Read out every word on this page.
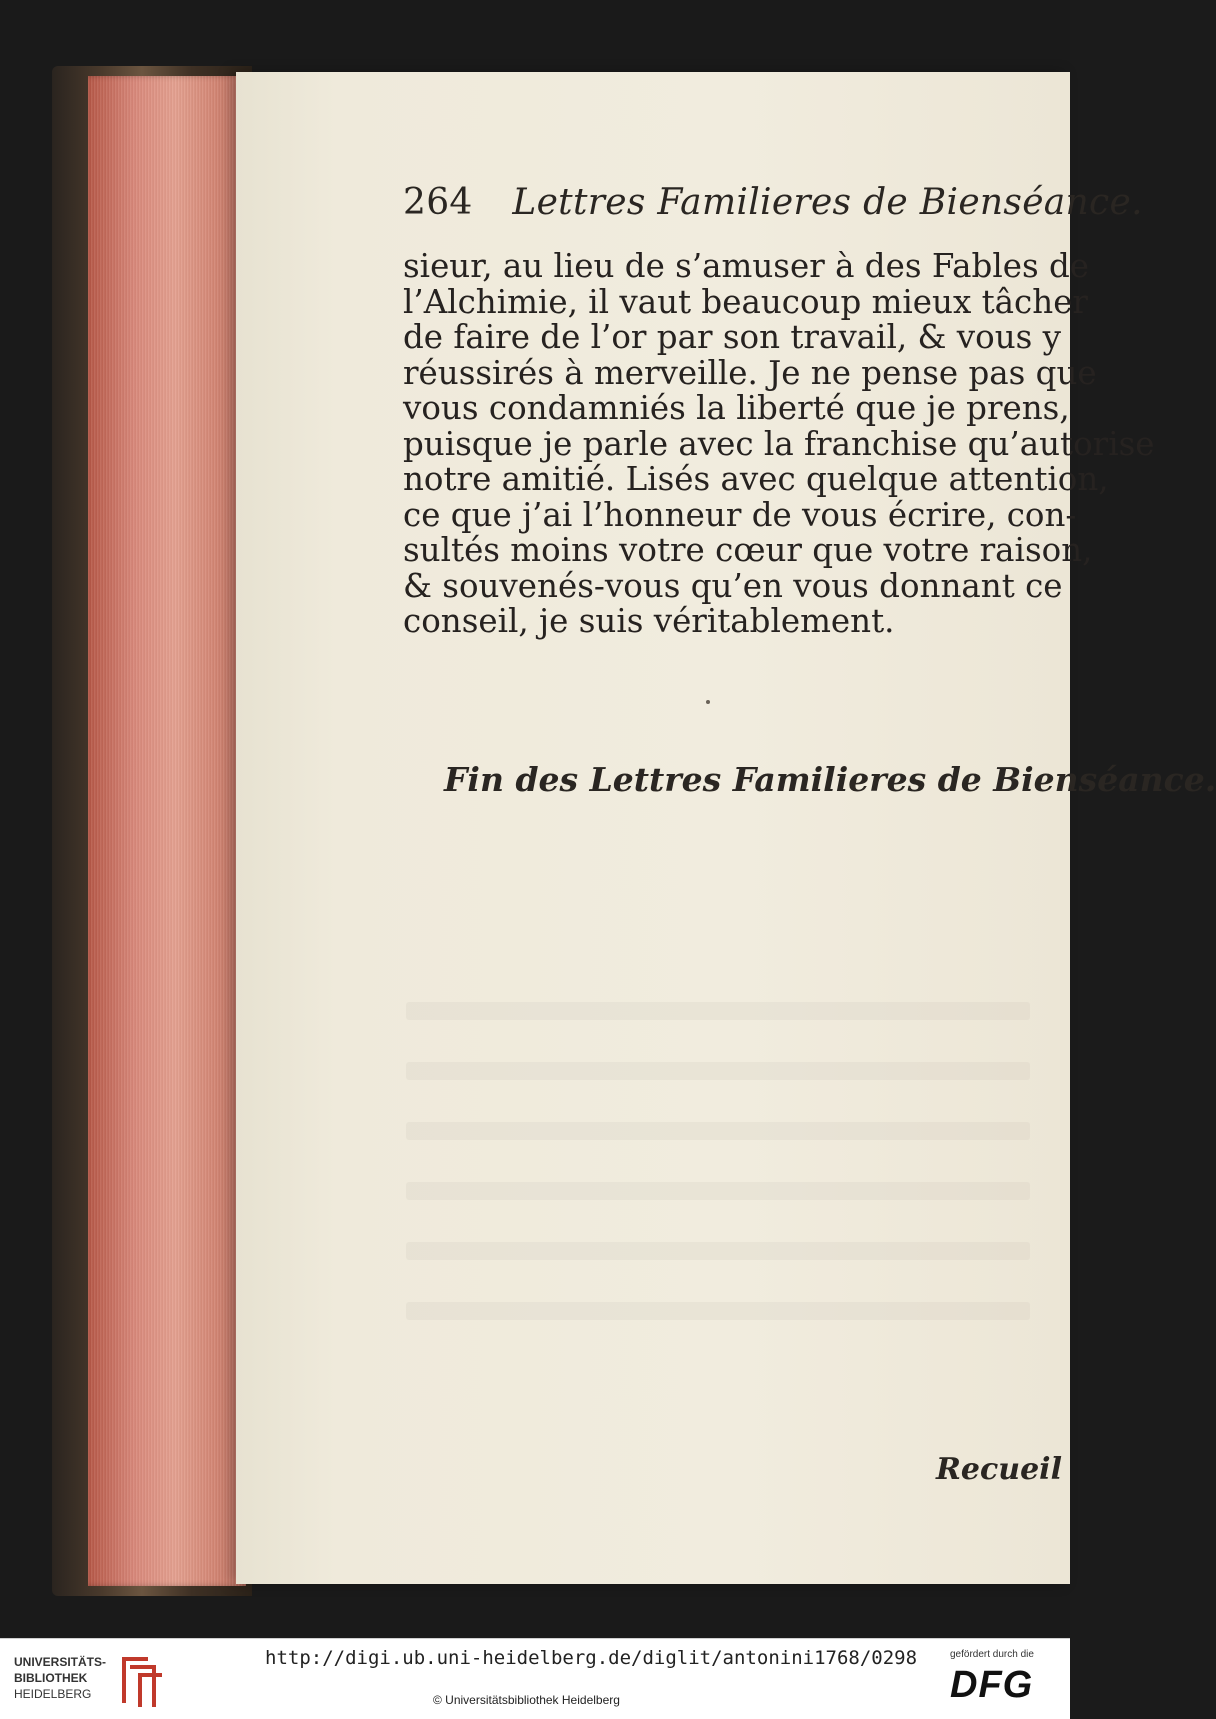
264 Lettres Familieres de Bienséance.
sieur, au lieu de s’amuser à des Fables de
l’Alchimie, il vaut beaucoup mieux tâcher
de faire de l’or par son travail, & vous y
réussirés à merveille. Je ne pense pas que
vous condamniés la liberté que je prens,
puisque je parle avec la franchise qu’autorise
notre amitié. Lisés avec quelque attention,
ce que j’ai l’honneur de vous écrire, con-
sultés moins votre cœur que votre raison,
& souvenés-vous qu’en vous donnant ce
conseil, je suis véritablement.
Fin des Lettres Familieres de Bienséance.
Recueil
UNIVERSITÄTS-
BIBLIOTHEK
HEIDELBERG
http://digi.ub.uni-heidelberg.de/diglit/antonini1768/0298
© Universitätsbibliothek Heidelberg
gefördert durch die
DFG
